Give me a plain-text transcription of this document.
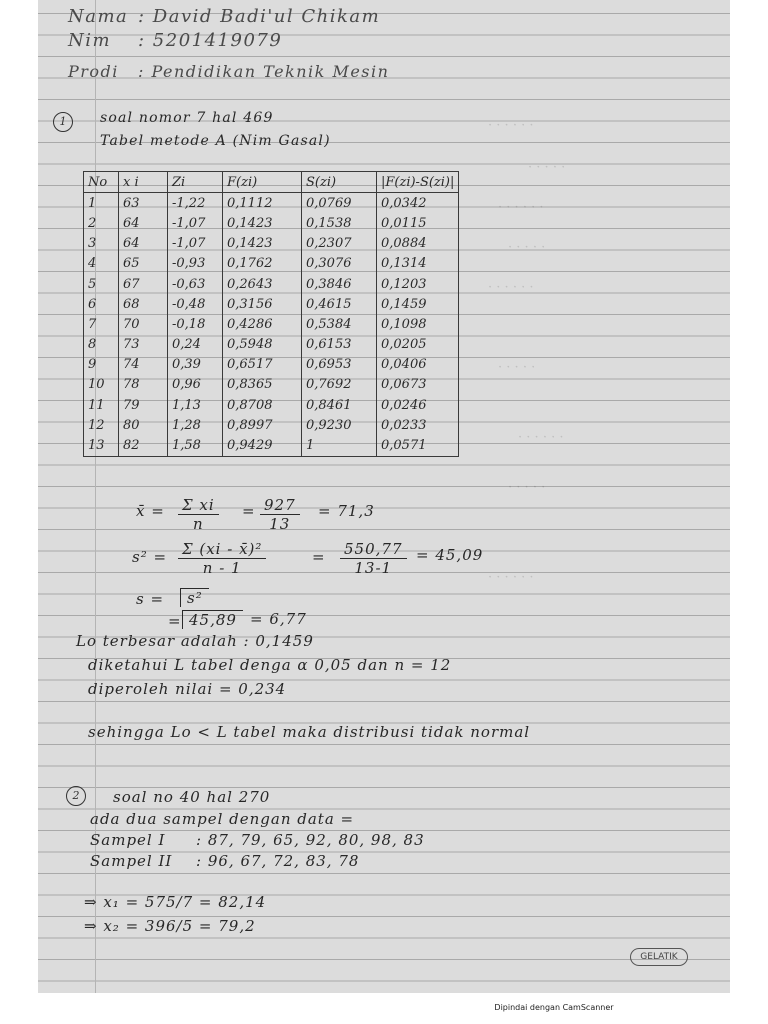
· · · · · ·
· · · · ·
· · · · · ·
· · · · ·
· · · · · ·
· · · · ·
· · · · · ·
· · · · ·
· · · · · ·
Nama : David Badi'ul Chikam
Nim : 5201419079
Prodi : Pendidikan Teknik Mesin
1	soal nomor 7 hal 469
Tabel metode A (Nim Gasal)
No	x i	Zi	F(zi)	S(zi)	|F(zi)-S(zi)|
1	63	-1,22	0,1112	0,0769	0,0342
2	64	-1,07	0,1423	0,1538	0,0115
3	64	-1,07	0,1423	0,2307	0,0884
4	65	-0,93	0,1762	0,3076	0,1314
5	67	-0,63	0,2643	0,3846	0,1203
6	68	-0,48	0,3156	0,4615	0,1459
7	70	-0,18	0,4286	0,5384	0,1098
8	73	0,24	0,5948	0,6153	0,0205
9	74	0,39	0,6517	0,6953	0,0406
10	78	0,96	0,8365	0,7692	0,0673
11	79	1,13	0,8708	0,8461	0,0246
12	80	1,28	0,8997	0,9230	0,0233
13	82	1,58	0,9429	1	0,0571
x̄ = $\frac{\text{Σ xi}}{n} = \frac{927}{13} = 71,3$
$s^2 = \frac{\text{Σ (xi - x̄)²}}{n - 1}$	= $\frac{550,77}{13-1} = 45,09$
s =	s²
= 45,89 = 6,77
Lo terbesar adalah : 0,1459
diketahui L tabel denga α 0,05 dan n = 12
diperoleh nilai = 0,234
sehingga Lo < L tabel maka distribusi tidak normal
2	soal no 40 hal 270
ada dua sampel dengan data =
Sampel I : 87, 79, 65, 92, 80, 98, 83
Sampel II : 96, 67, 72, 83, 78
⇒ x₁ = 575/7 = 82,14
⇒ x₂ = 396/5 = 79,2
GELATIK
Dipindai dengan CamScanner
